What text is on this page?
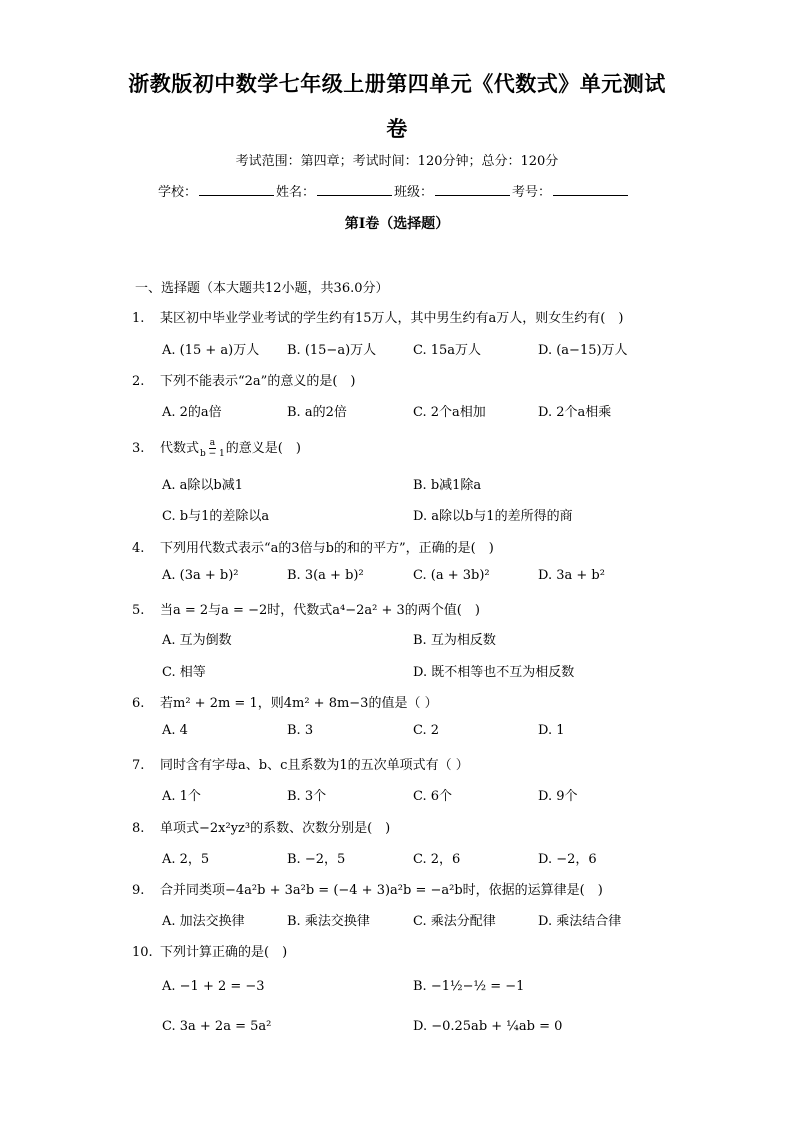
浙教版初中数学七年级上册第四单元《代数式》单元测试
卷
考试范围：第四章；考试时间：120分钟；总分：120分
学校：	姓名：	班级：	考号：
第I卷（选择题）
一、选择题（本大题共12小题，共36.0分）
1. 某区初中毕业学业考试的学生约有15万人，其中男生约有a万人，则女生约有(　)
A. (15 + a)万人 B. (15−a)万人	C. 15a万人	D. (a−15)万人
2. 下列不能表示“2a”的意义的是(　)
A. 2的a倍	B. a的2倍	C. 2个a相加	D. 2个a相乘
3. 代数式 $\frac{a}{b - 1}$ 的意义是(　)
A. a除以b减1	B. b减1除a
C. b与1的差除以a	D. a除以b与1的差所得的商
4. 下列用代数式表示“a的3倍与b的和的平方”，正确的是(　)
A. (3a + b)²	B. 3(a + b)²	C. (a + 3b)²	D. 3a + b²
5. 当a = 2与a = −2时，代数式a⁴−2a² + 3的两个值(　)
A. 互为倒数	B. 互为相反数
C. 相等	D. 既不相等也不互为相反数
6. 若m² + 2m = 1，则4m² + 8m−3的值是（ ）
A. 4	B. 3	C. 2	D. 1
7. 同时含有字母a、b、c且系数为1的五次单项式有（ ）
A. 1个	B. 3个	C. 6个	D. 9个
8. 单项式−2x²yz³的系数、次数分别是(　)
A. 2，5	B. −2，5	C. 2，6	D. −2，6
9. 合并同类项−4a²b + 3a²b = (−4 + 3)a²b = −a²b时，依据的运算律是(　)
A. 加法交换律	B. 乘法交换律	C. 乘法分配律	D. 乘法结合律
10. 下列计算正确的是(　)
A. −1 + 2 = −3	B. −1½−½ = −1
C. 3a + 2a = 5a²	D. −0.25ab + ¼ab = 0
